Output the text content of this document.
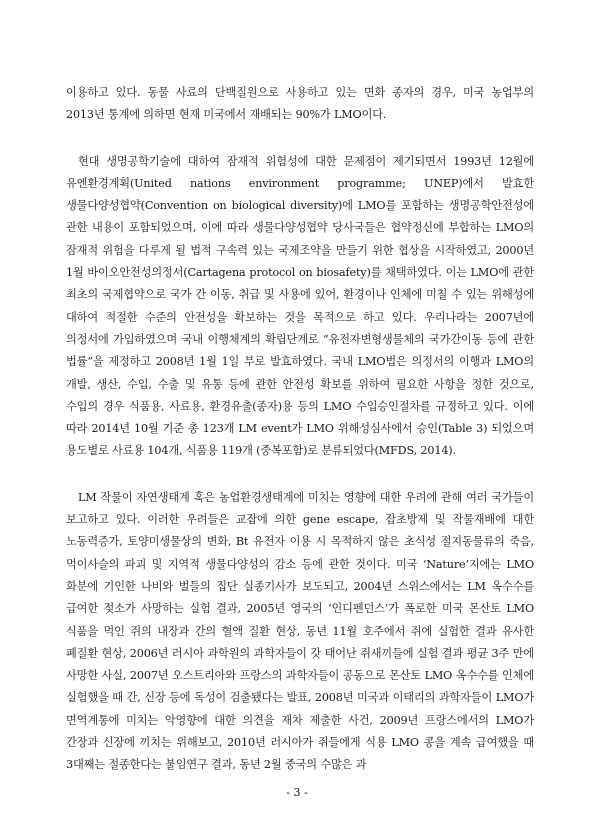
이용하고 있다. 동물 사료의 단백질원으로 사용하고 있는 면화 종자의 경우, 미국 농업부의 2013년 통계에 의하면 현재 미국에서 재배되는 90%가 LMO이다.

현대 생명공학기술에 대하여 잠재적 위험성에 대한 문제점이 제기되면서 1993년 12월에 유엔환경계획(United nations environment programme; UNEP)에서 발효한 생물다양성협약(Convention on biological diversity)에 LMO를 포함하는 생명공학안전성에 관한 내용이 포함되었으며, 이에 따라 생물다양성협약 당사국들은 협약정신에 부합하는 LMO의 잠재적 위험을 다루게 될 법적 구속력 있는 국제조약을 만들기 위한 협상을 시작하였고, 2000년 1월 바이오안전성의정서(Cartagena protocol on biosafety)를 채택하였다. 이는 LMO에 관한 최초의 국제협약으로 국가 간 이동, 취급 및 사용에 있어, 환경이나 인체에 미칠 수 있는 위해성에 대하여 적절한 수준의 안전성을 확보하는 것을 목적으로 하고 있다. 우리나라는 2007년에 의정서에 가입하였으며 국내 이행체계의 확립단계로 “유전자변형생물체의 국가간이동 등에 관한 법률”을 제정하고 2008년 1월 1일 부로 발효하였다. 국내 LMO법은 의정서의 이행과 LMO의 개발, 생산, 수입, 수출 및 유통 등에 관한 안전성 확보를 위하여 필요한 사항을 정한 것으로, 수입의 경우 식품용, 사료용, 환경유출(종자)용 등의 LMO 수입승인절차를 규정하고 있다. 이에 따라 2014년 10월 기준 총 123개 LM event가 LMO 위해성심사에서 승인(Table 3) 되었으며 용도별로 사료용 104개, 식품용 119개 (중복포함)로 분류되었다(MFDS, 2014).

LM 작물이 자연생태계 혹은 농업환경생태계에 미치는 영향에 대한 우려에 관해 여러 국가들이 보고하고 있다. 이러한 우려들은 교잡에 의한 gene escape, 잡초방제 및 작물재배에 대한 노동력증가, 토양미생물상의 변화, Bt 유전자 이용 시 목적하지 않은 초식성 절지동물류의 죽음, 먹이사슬의 파괴 및 지역적 생물다양성의 감소 등에 관한 것이다. 미국 ‘Nature’지에는 LMO 화분에 기인한 나비와 벌들의 집단 실종기사가 보도되고, 2004년 스위스에서는 LM 옥수수를 급여한 젖소가 사망하는 실험 결과, 2005년 영국의 ‘인디펜던스’가 폭로한 미국 몬산토 LMO 식품을 먹인 쥐의 내장과 간의 혈액 질환 현상, 동년 11월 호주에서 쥐에 실험한 결과 유사한 폐질환 현상, 2006년 러시아 과학원의 과학자들이 갓 태어난 쥐새끼들에 실험 결과 평균 3주 만에 사망한 사실, 2007년 오스트리아와 프랑스의 과학자들이 공동으로 몬산토 LMO 옥수수를 인체에 실험했을 때 간, 신장 등에 독성이 검출됐다는 발표, 2008년 미국과 이태리의 과학자들이 LMO가 면역계통에 미치는 악영향에 대한 의견을 재차 제출한 사건, 2009년 프랑스에서의 LMO가 간장과 신장에 끼치는 위해보고, 2010년 러시아가 쥐들에게 식용 LMO 콩을 계속 급여했을 때 3대째는 절종한다는 불임연구 결과, 동년 2월 중국의 수많은 과

- 3 -
